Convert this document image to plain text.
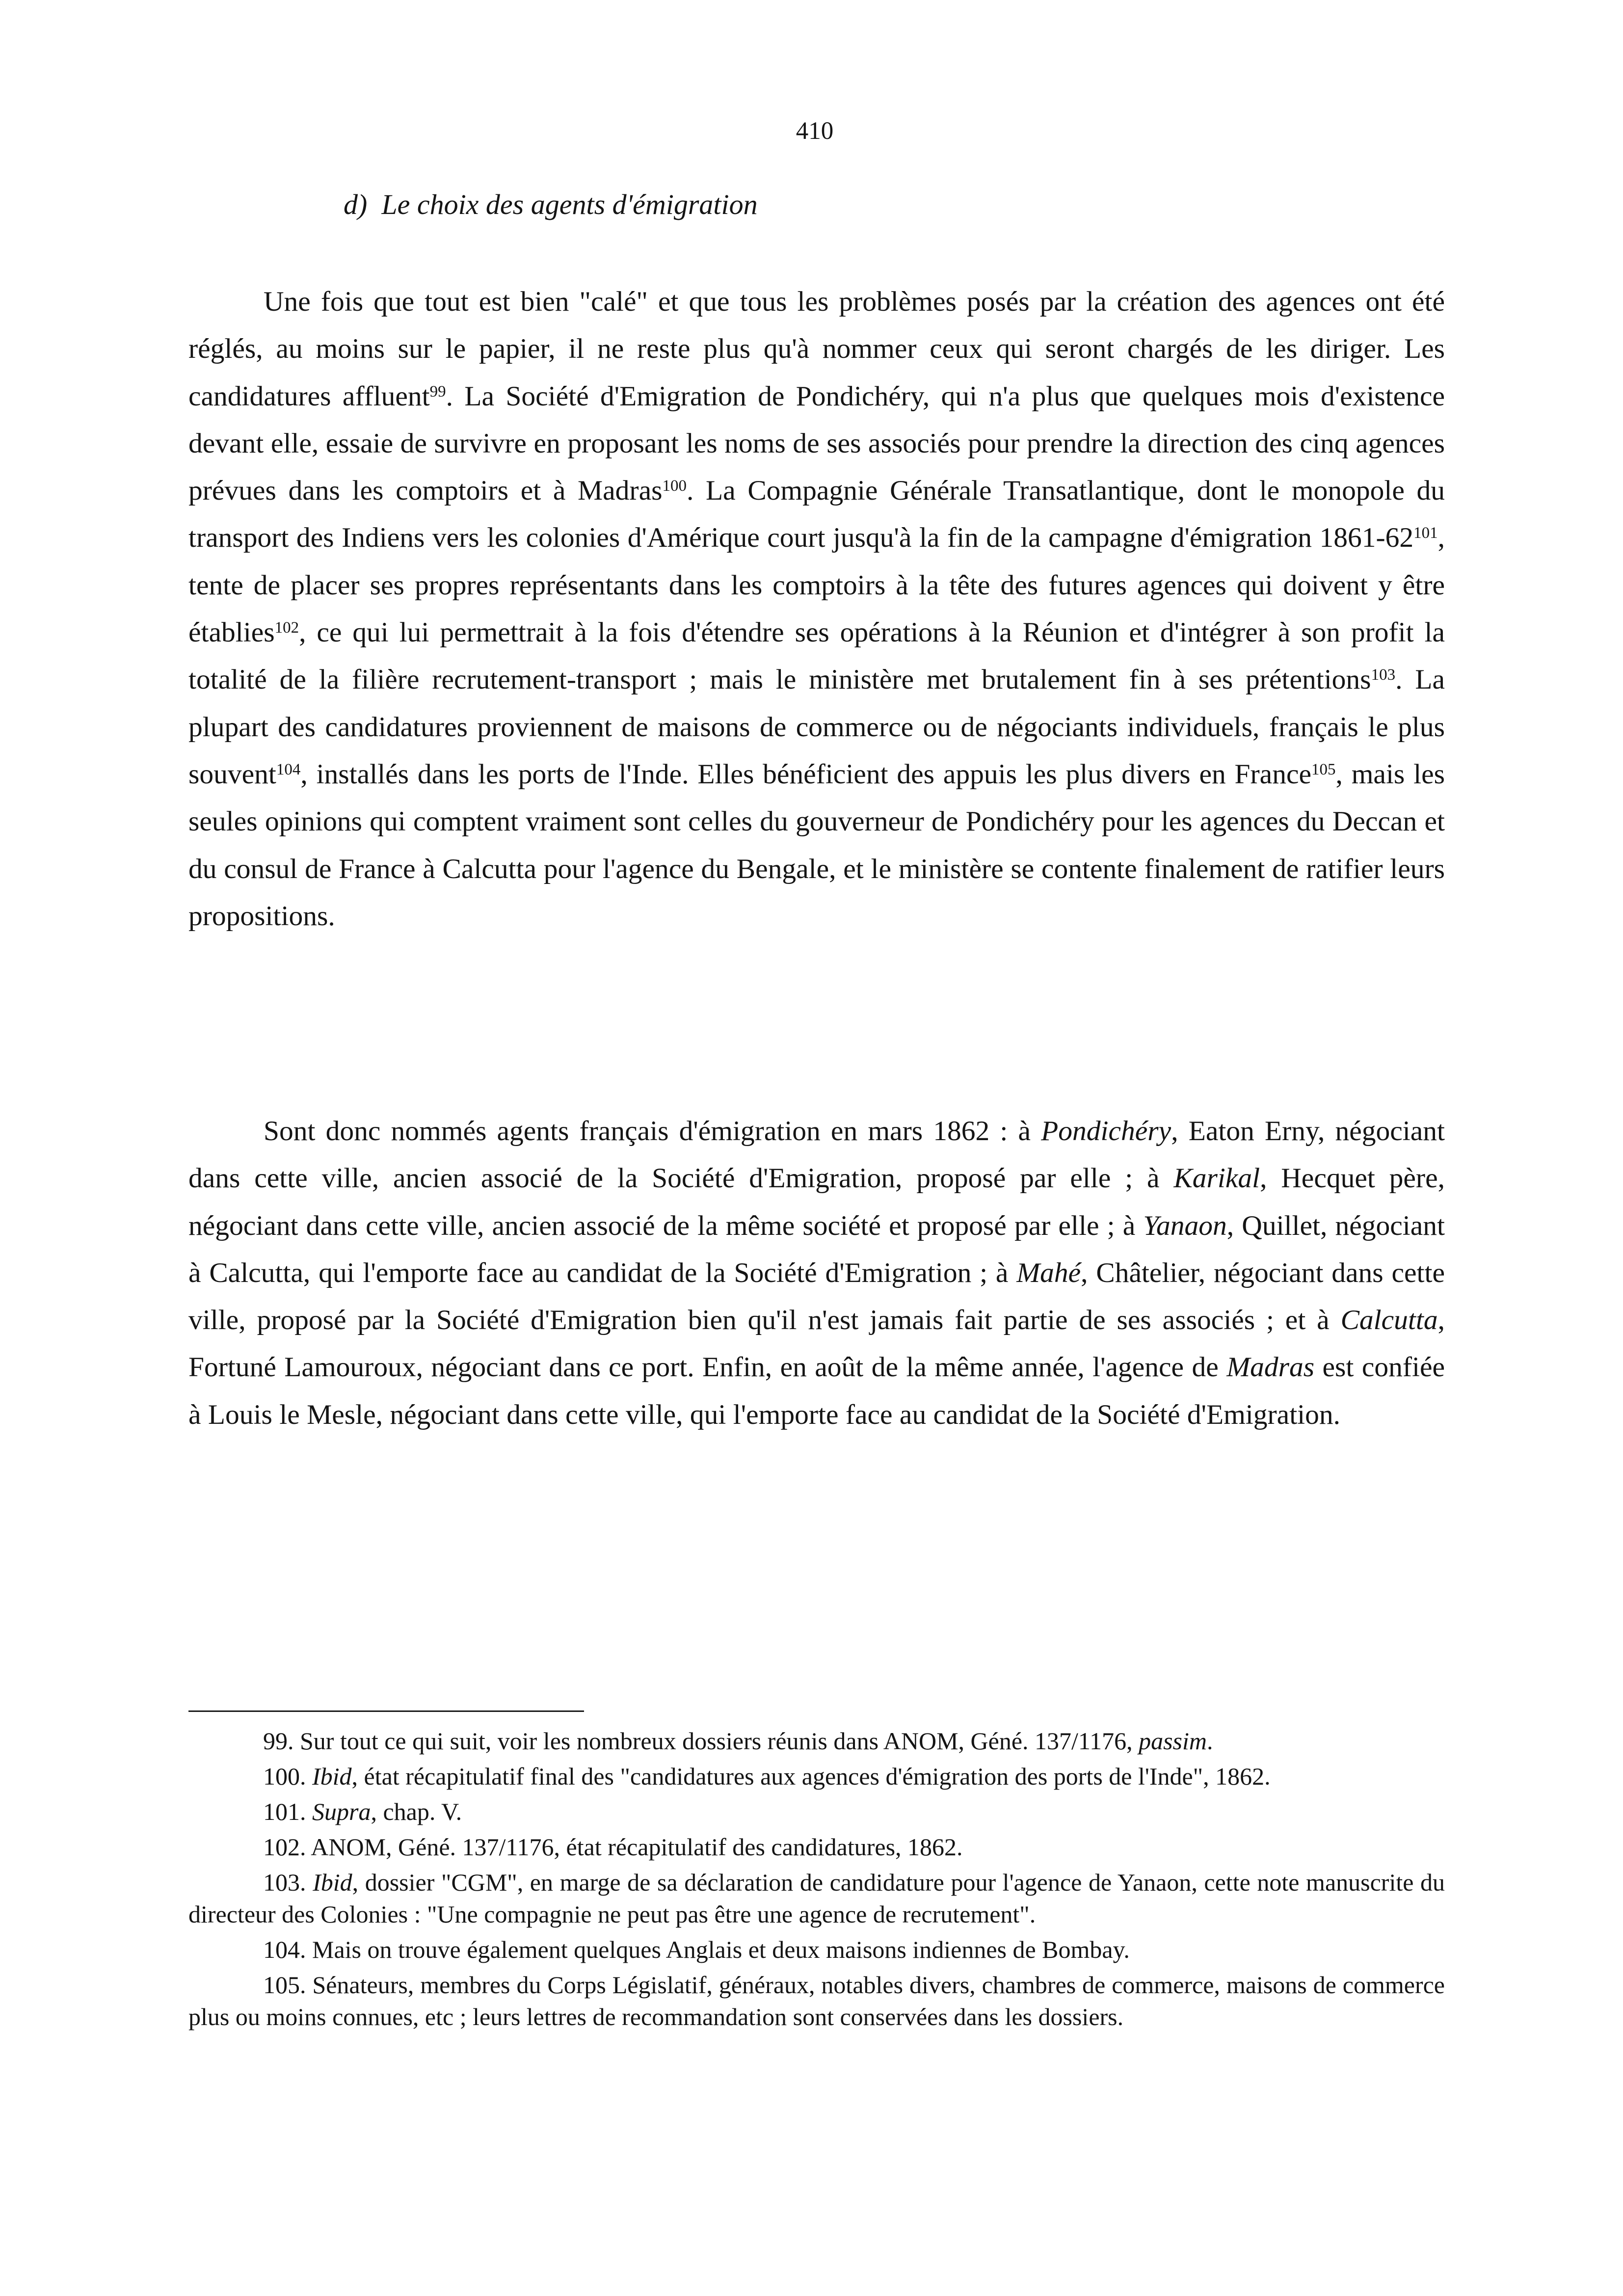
410
d) Le choix des agents d'émigration

Une fois que tout est bien "calé" et que tous les problèmes posés par la création des agences ont été réglés, au moins sur le papier, il ne reste plus qu'à nommer ceux qui seront chargés de les diriger. Les candidatures affluent$^{99}$. La Société d'Emigration de Pondichéry, qui n'a plus que quelques mois d'existence devant elle, essaie de survivre en proposant les noms de ses associés pour prendre la direction des cinq agences prévues dans les comptoirs et à Madras$^{100}$. La Compagnie Générale Transatlantique, dont le monopole du transport des Indiens vers les colonies d'Amérique court jusqu'à la fin de la campagne d'émigration $1861-62^{101}$, tente de placer ses propres représentants dans les comptoirs à la tête des futures agences qui doivent y être établies$^{102}$, ce qui lui permettrait à la fois d'étendre ses opérations à la Réunion et d'intégrer à son profit la totalité de la filière recrutement-transport ; mais le ministère met brutalement fin à ses prétentions$^{103}$. La plupart des candidatures proviennent de maisons de commerce ou de négociants individuels, français le plus souvent$^{104}$, installés dans les ports de l'Inde. Elles bénéficient des appuis les plus divers en France$^{105}$, mais les seules opinions qui comptent vraiment sont celles du gouverneur de Pondichéry pour les agences du Deccan et du consul de France à Calcutta pour l'agence du Bengale, et le ministère se contente finalement de ratifier leurs propositions.

Sont donc nommés agents français d'émigration en mars 1862 : à Pondichéry, Eaton Erny, négociant dans cette ville, ancien associé de la Société d'Emigration, proposé par elle ; à Karikal, Hecquet père, négociant dans cette ville, ancien associé de la même société et proposé par elle ; à Yanaon, Quillet, négociant à Calcutta, qui l'emporte face au candidat de la Société d'Emigration ; à Mahé, Châtelier, négociant dans cette ville, proposé par la Société d'Emigration bien qu'il n'est jamais fait partie de ses associés ; et à Calcutta, Fortuné Lamouroux, négociant dans ce port. Enfin, en août de la même année, l'agence de Madras est confiée à Louis le Mesle, négociant dans cette ville, qui l'emporte face au candidat de la Société d'Emigration.

99. Sur tout ce qui suit, voir les nombreux dossiers réunis dans ANOM, Géné. 137/1176, passim.

100. Ibid, état récapitulatif final des "candidatures aux agences d'émigration des ports de l'Inde", 1862.

101. Supra, chap. V.

102. ANOM, Géné. 137/1176, état récapitulatif des candidatures, 1862.

103. Ibid, dossier "CGM", en marge de sa déclaration de candidature pour l'agence de Yanaon, cette note manuscrite du directeur des Colonies : "Une compagnie ne peut pas être une agence de recrutement".

104. Mais on trouve également quelques Anglais et deux maisons indiennes de Bombay.

105. Sénateurs, membres du Corps Législatif, généraux, notables divers, chambres de commerce, maisons de commerce plus ou moins connues, etc ; leurs lettres de recommandation sont conservées dans les dossiers.
